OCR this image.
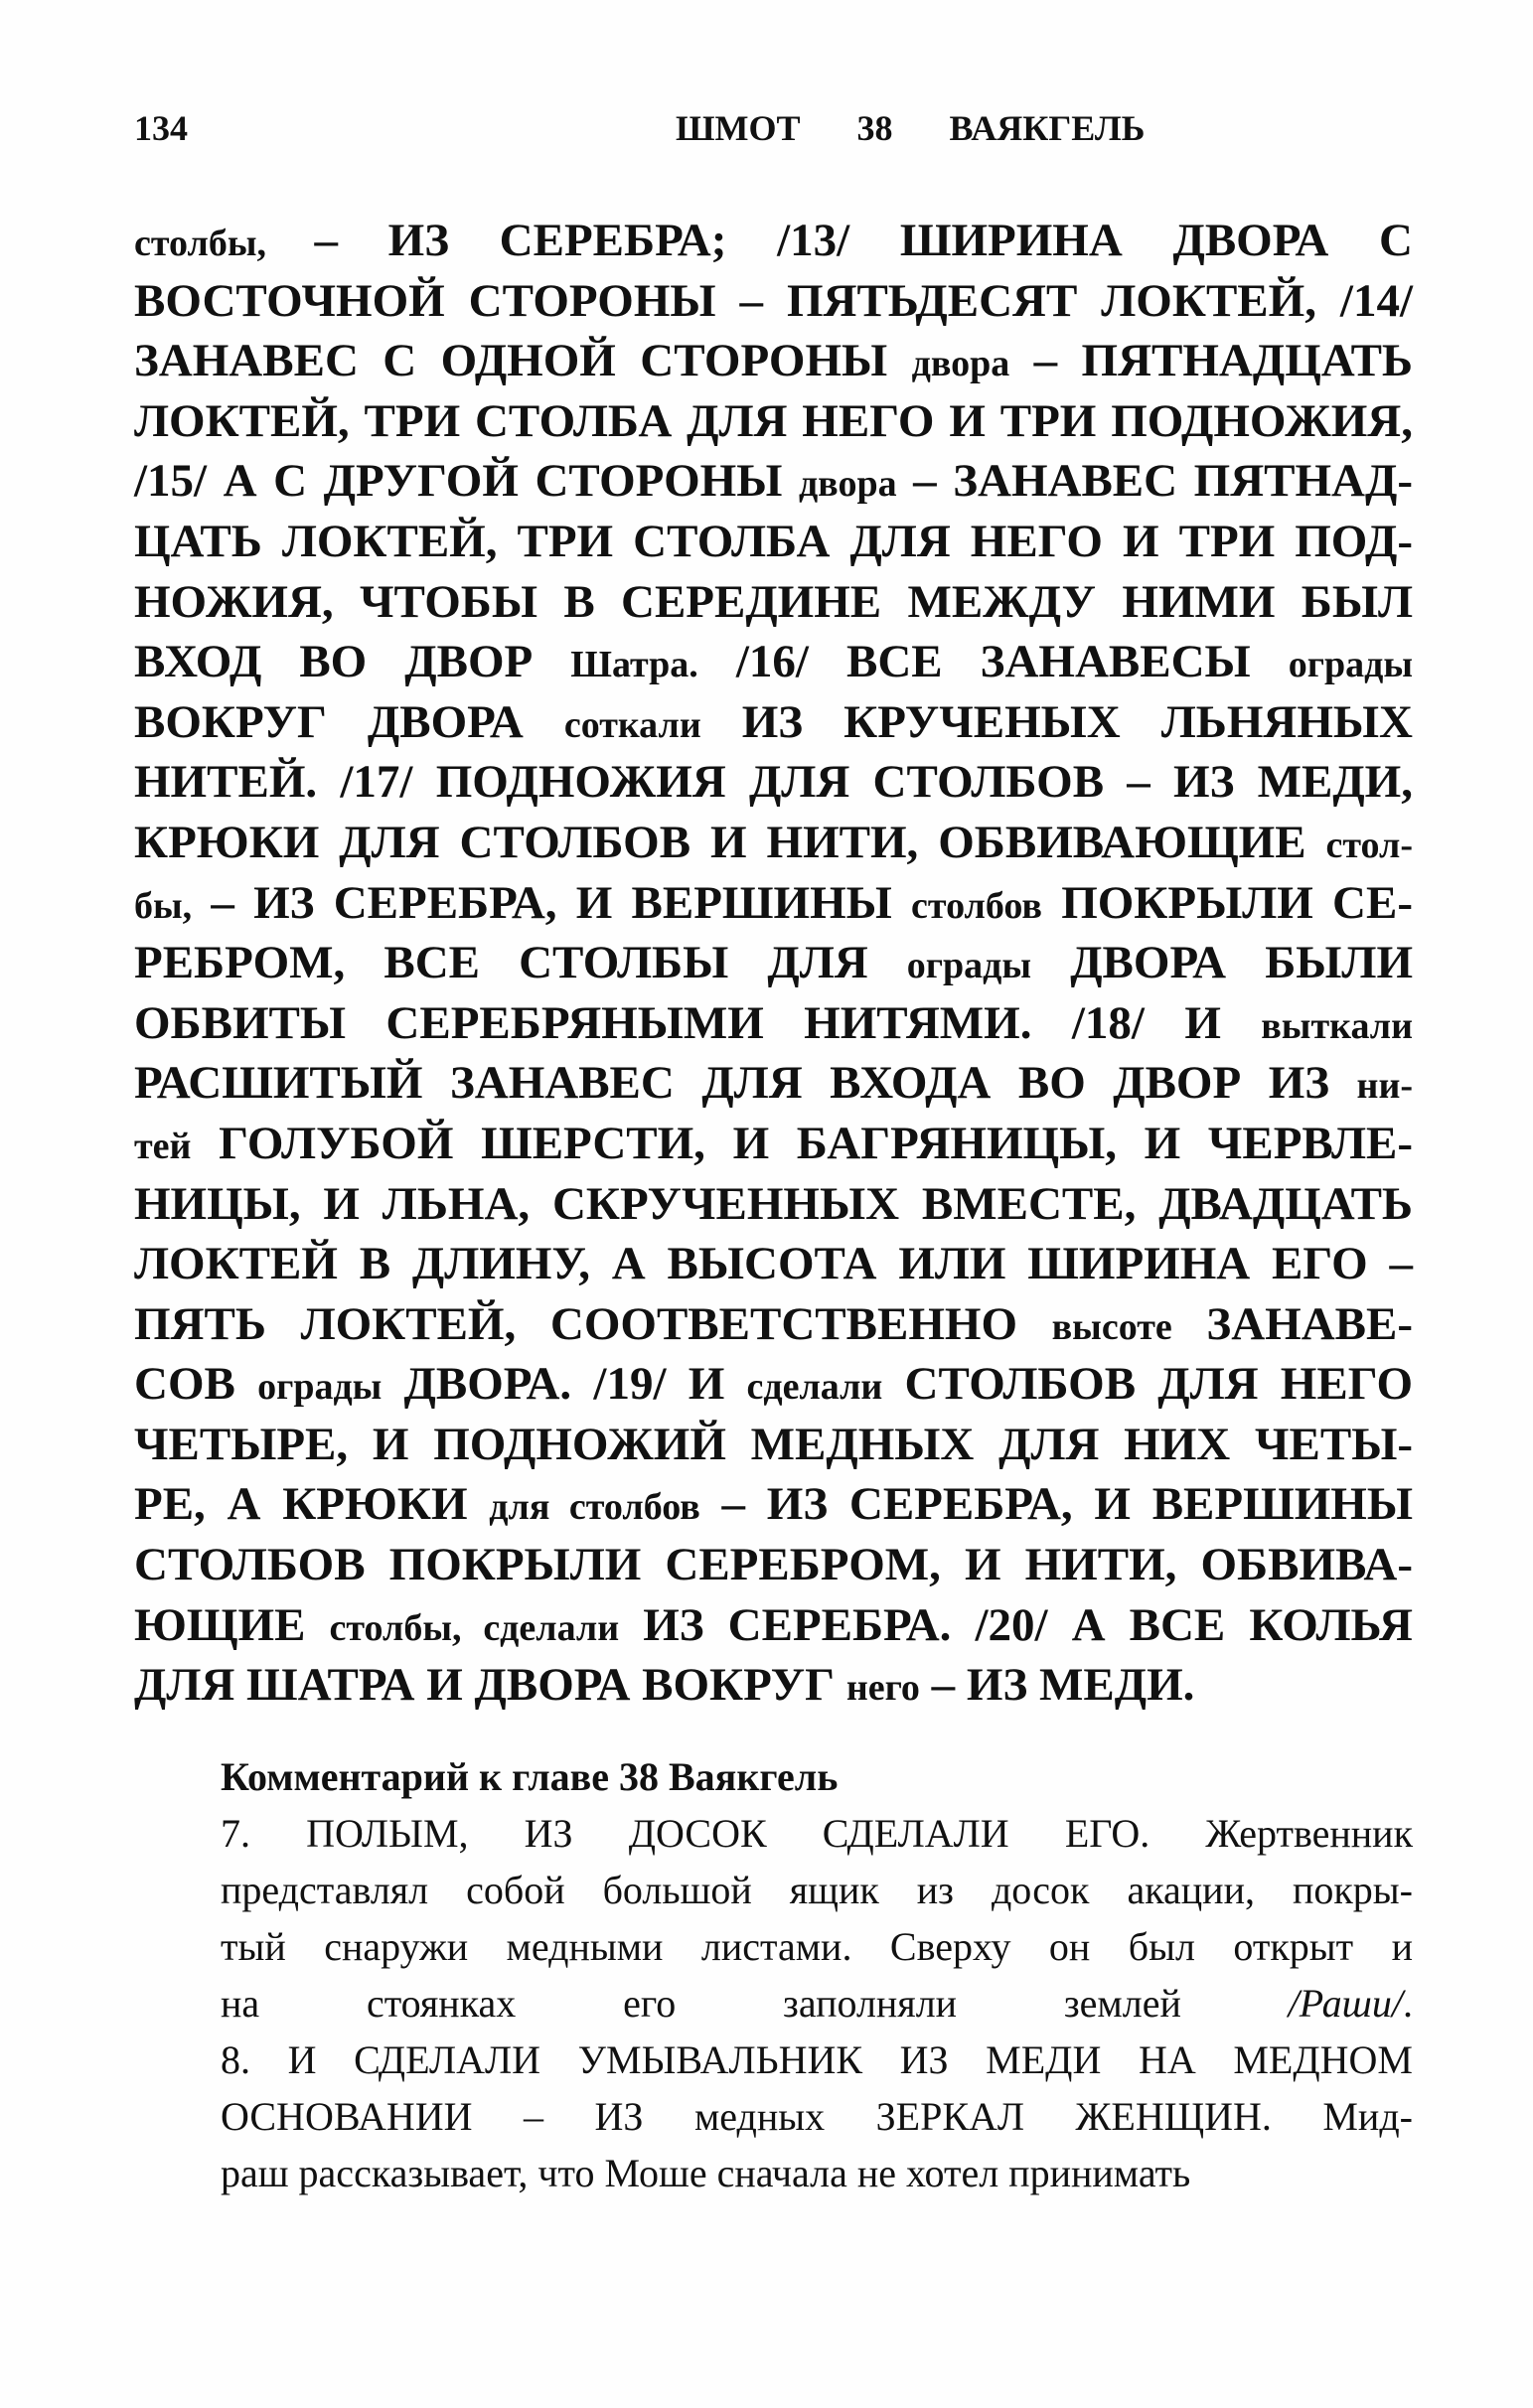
134	ШМОТ 38 ВАЯКГЕЛЬ
столбы, – ИЗ СЕРЕБРА; /13/ ШИРИНА ДВОРА С
ВОСТОЧНОЙ СТОРОНЫ – ПЯТЬДЕСЯТ ЛОКТЕЙ, /14/
ЗАНАВЕС С ОДНОЙ СТОРОНЫ двора – ПЯТНАДЦАТЬ
ЛОКТЕЙ, ТРИ СТОЛБА ДЛЯ НЕГО И ТРИ ПОДНОЖИЯ,
/15/ А С ДРУГОЙ СТОРОНЫ двора – ЗАНАВЕС ПЯТНАД-
ЦАТЬ ЛОКТЕЙ, ТРИ СТОЛБА ДЛЯ НЕГО И ТРИ ПОД-
НОЖИЯ, ЧТОБЫ В СЕРЕДИНЕ МЕЖДУ НИМИ БЫЛ
ВХОД ВО ДВОР Шатра. /16/ ВСЕ ЗАНАВЕСЫ ограды
ВОКРУГ ДВОРА соткали ИЗ КРУЧЕНЫХ ЛЬНЯНЫХ
НИТЕЙ. /17/ ПОДНОЖИЯ ДЛЯ СТОЛБОВ – ИЗ МЕДИ,
КРЮКИ ДЛЯ СТОЛБОВ И НИТИ, ОБВИВАЮЩИЕ стол-
бы, – ИЗ СЕРЕБРА, И ВЕРШИНЫ столбов ПОКРЫЛИ СЕ-
РЕБРОМ, ВСЕ СТОЛБЫ ДЛЯ ограды ДВОРА БЫЛИ
ОБВИТЫ СЕРЕБРЯНЫМИ НИТЯМИ. /18/ И выткали
РАСШИТЫЙ ЗАНАВЕС ДЛЯ ВХОДА ВО ДВОР ИЗ ни-
тей ГОЛУБОЙ ШЕРСТИ, И БАГРЯНИЦЫ, И ЧЕРВЛЕ-
НИЦЫ, И ЛЬНА, СКРУЧЕННЫХ ВМЕСТЕ, ДВАДЦАТЬ
ЛОКТЕЙ В ДЛИНУ, А ВЫСОТА ИЛИ ШИРИНА ЕГО –
ПЯТЬ ЛОКТЕЙ, СООТВЕТСТВЕННО высоте ЗАНАВЕ-
СОВ ограды ДВОРА. /19/ И сделали СТОЛБОВ ДЛЯ НЕГО
ЧЕТЫРЕ, И ПОДНОЖИЙ МЕДНЫХ ДЛЯ НИХ ЧЕТЫ-
РЕ, А КРЮКИ для столбов – ИЗ СЕРЕБРА, И ВЕРШИНЫ
СТОЛБОВ ПОКРЫЛИ СЕРЕБРОМ, И НИТИ, ОБВИВА-
ЮЩИЕ столбы, сделали ИЗ СЕРЕБРА. /20/ А ВСЕ КОЛЬЯ
ДЛЯ ШАТРА И ДВОРА ВОКРУГ него – ИЗ МЕДИ.
Комментарий к главе 38 Ваякгель
7. ПОЛЫМ, ИЗ ДОСОК СДЕЛАЛИ ЕГО. Жертвенник
представлял собой большой ящик из досок акации, покры-
тый снаружи медными листами. Сверху он был открыт и
на стоянках его заполняли землей /Раши/.
8. И СДЕЛАЛИ УМЫВАЛЬНИК ИЗ МЕДИ НА МЕДНОМ
ОСНОВАНИИ – ИЗ медных ЗЕРКАЛ ЖЕНЩИН. Мид-
раш рассказывает, что Моше сначала не хотел принимать
